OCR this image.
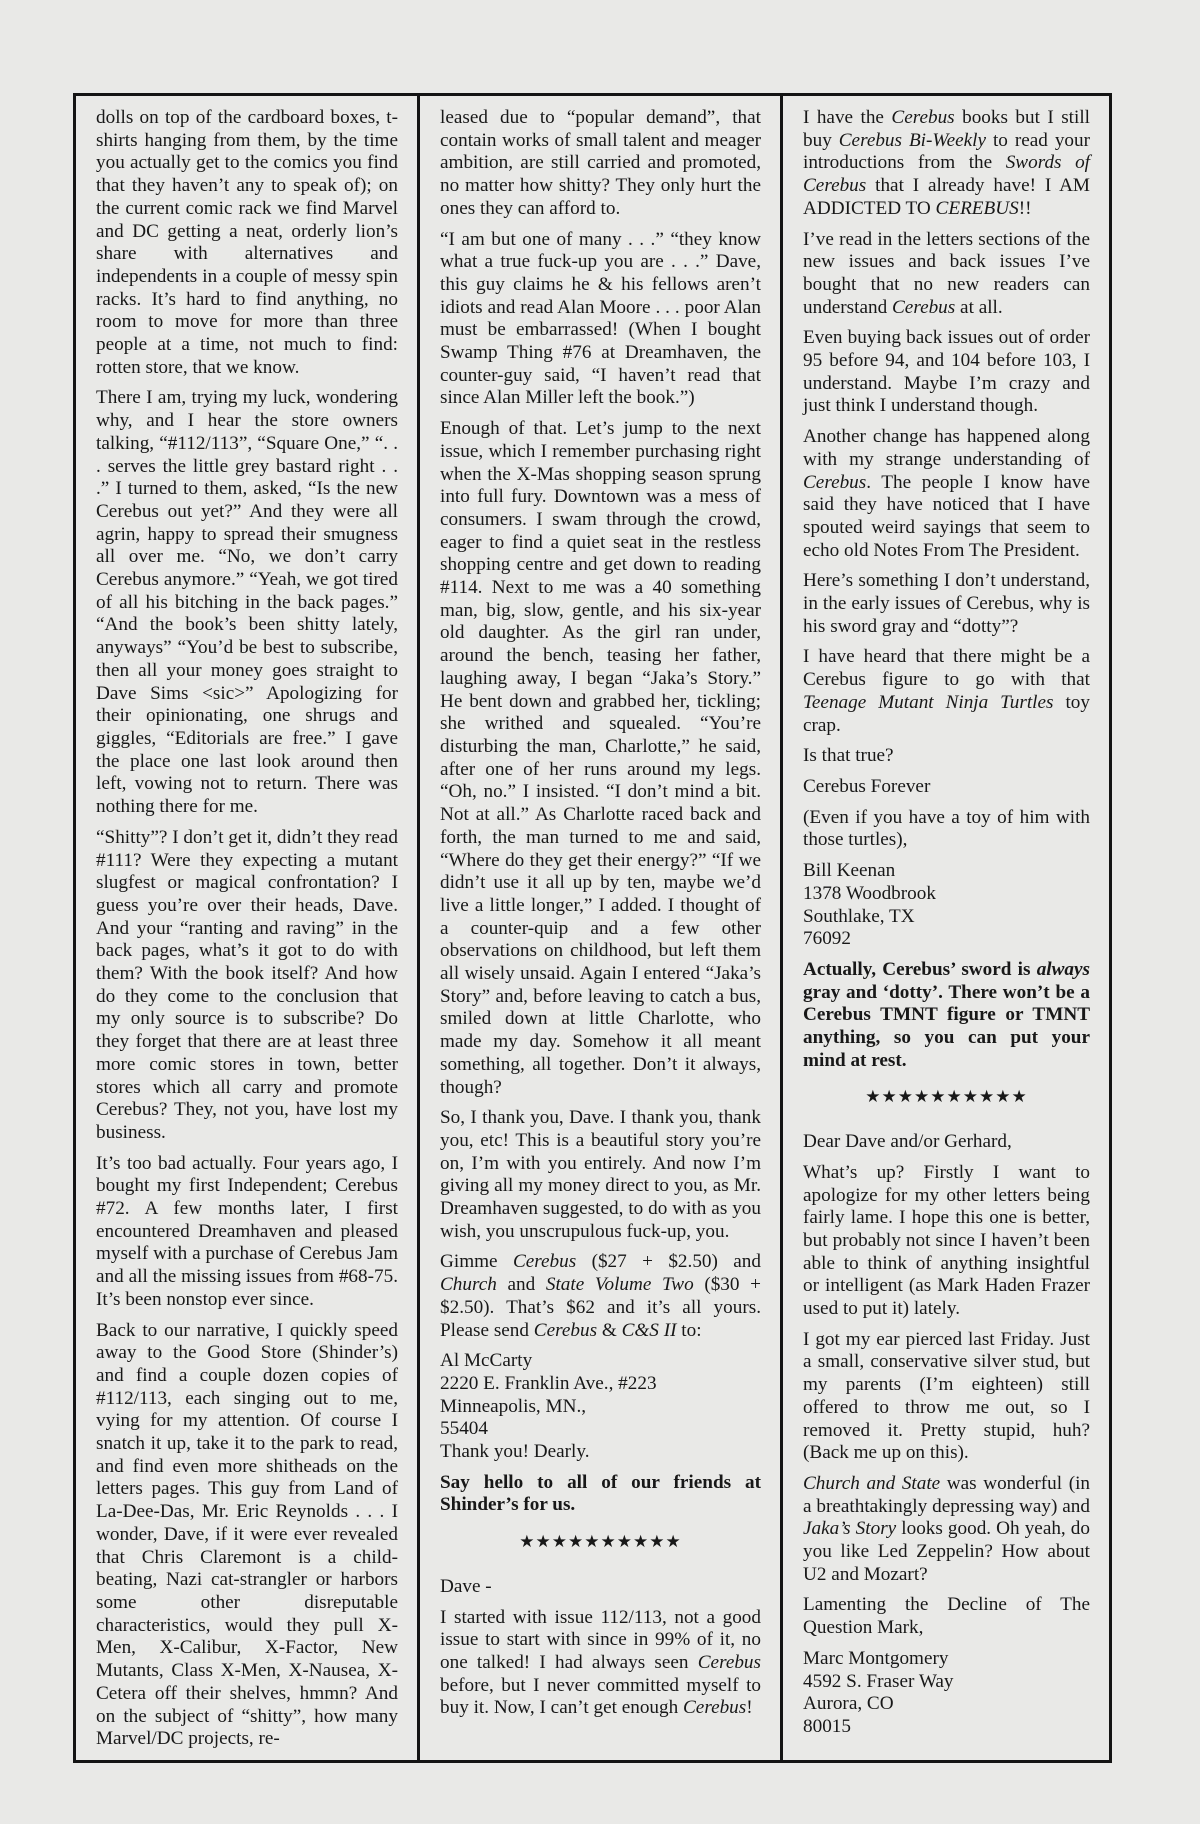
dolls on top of the cardboard boxes, t-shirts hanging from them, by the time you actually get to the comics you find that they haven’t any to speak of); on the current comic rack we find Marvel and DC getting a neat, orderly lion’s share with alternatives and independents in a couple of messy spin racks. It’s hard to find anything, no room to move for more than three people at a time, not much to find: rotten store, that we know.
There I am, trying my luck, wondering why, and I hear the store owners talking, “#112/113”, “Square One,” “. . . serves the little grey bastard right . . .” I turned to them, asked, “Is the new Cerebus out yet?” And they were all agrin, happy to spread their smugness all over me. “No, we don’t carry Cerebus anymore.” “Yeah, we got tired of all his bitching in the back pages.” “And the book’s been shitty lately, anyways” “You’d be best to subscribe, then all your money goes straight to Dave Sims <sic>” Apologizing for their opinionating, one shrugs and giggles, “Editorials are free.” I gave the place one last look around then left, vowing not to return. There was nothing there for me.
“Shitty”? I don’t get it, didn’t they read #111? Were they expecting a mutant slugfest or magical confrontation? I guess you’re over their heads, Dave. And your “ranting and raving” in the back pages, what’s it got to do with them? With the book itself? And how do they come to the conclusion that my only source is to subscribe? Do they forget that there are at least three more comic stores in town, better stores which all carry and promote Cerebus? They, not you, have lost my business.
It’s too bad actually. Four years ago, I bought my first Independent; Cerebus #72. A few months later, I first encountered Dreamhaven and pleased myself with a purchase of Cerebus Jam and all the missing issues from #68-75. It’s been nonstop ever since.
Back to our narrative, I quickly speed away to the Good Store (Shinder’s) and find a couple dozen copies of #112/113, each singing out to me, vying for my attention. Of course I snatch it up, take it to the park to read, and find even more shitheads on the letters pages. This guy from Land of La-Dee-Das, Mr. Eric Reynolds . . . I wonder, Dave, if it were ever revealed that Chris Claremont is a child-beating, Nazi cat-strangler or harbors some other disreputable characteristics, would they pull X-Men, X-Calibur, X-Factor, New Mutants, Class X-Men, X-Nausea, X-Cetera off their shelves, hmmn? And on the subject of “shitty”, how many Marvel/DC projects, re-
leased due to “popular demand”, that contain works of small talent and meager ambition, are still carried and promoted, no matter how shitty? They only hurt the ones they can afford to.
“I am but one of many . . .” “they know what a true fuck-up you are . . .” Dave, this guy claims he & his fellows aren’t idiots and read Alan Moore . . . poor Alan must be embarrassed! (When I bought Swamp Thing #76 at Dreamhaven, the counter-guy said, “I haven’t read that since Alan Miller left the book.”)
Enough of that. Let’s jump to the next issue, which I remember purchasing right when the X-Mas shopping season sprung into full fury. Downtown was a mess of consumers. I swam through the crowd, eager to find a quiet seat in the restless shopping centre and get down to reading #114. Next to me was a 40 something man, big, slow, gentle, and his six-year old daughter. As the girl ran under, around the bench, teasing her father, laughing away, I began “Jaka’s Story.” He bent down and grabbed her, tickling; she writhed and squealed. “You’re disturbing the man, Charlotte,” he said, after one of her runs around my legs. “Oh, no.” I insisted. “I don’t mind a bit. Not at all.” As Charlotte raced back and forth, the man turned to me and said, “Where do they get their energy?” “If we didn’t use it all up by ten, maybe we’d live a little longer,” I added. I thought of a counter-quip and a few other observations on childhood, but left them all wisely unsaid. Again I entered “Jaka’s Story” and, before leaving to catch a bus, smiled down at little Charlotte, who made my day. Somehow it all meant something, all together. Don’t it always, though?
So, I thank you, Dave. I thank you, thank you, etc! This is a beautiful story you’re on, I’m with you entirely. And now I’m giving all my money direct to you, as Mr. Dreamhaven suggested, to do with as you wish, you unscrupulous fuck-up, you.
Gimme Cerebus ($27 + $2.50) and Church and State Volume Two ($30 + $2.50). That’s $62 and it’s all yours. Please send Cerebus & C&S II to:
Al McCarty
2220 E. Franklin Ave., #223
Minneapolis, MN.,
55404
Thank you! Dearly.
Say hello to all of our friends at Shinder’s for us.
★★★★★★★★★★
Dave -
I started with issue 112/113, not a good issue to start with since in 99% of it, no one talked! I had always seen Cerebus before, but I never committed myself to buy it. Now, I can’t get enough Cerebus!
I have the Cerebus books but I still buy Cerebus Bi-Weekly to read your introductions from the Swords of Cerebus that I already have! I AM ADDICTED TO CEREBUS!!
I’ve read in the letters sections of the new issues and back issues I’ve bought that no new readers can understand Cerebus at all.
Even buying back issues out of order 95 before 94, and 104 before 103, I understand. Maybe I’m crazy and just think I understand though.
Another change has happened along with my strange understanding of Cerebus. The people I know have said they have noticed that I have spouted weird sayings that seem to echo old Notes From The President.
Here’s something I don’t understand, in the early issues of Cerebus, why is his sword gray and “dotty”?
I have heard that there might be a Cerebus figure to go with that Teenage Mutant Ninja Turtles toy crap.
Is that true?
Cerebus Forever
(Even if you have a toy of him with those turtles),
Bill Keenan
1378 Woodbrook
Southlake, TX
76092
Actually, Cerebus’ sword is always gray and ‘dotty’. There won’t be a Cerebus TMNT figure or TMNT anything, so you can put your mind at rest.
★★★★★★★★★★
Dear Dave and/or Gerhard,
What’s up? Firstly I want to apologize for my other letters being fairly lame. I hope this one is better, but probably not since I haven’t been able to think of anything insightful or intelligent (as Mark Haden Frazer used to put it) lately.
I got my ear pierced last Friday. Just a small, conservative silver stud, but my parents (I’m eighteen) still offered to throw me out, so I removed it. Pretty stupid, huh? (Back me up on this).
Church and State was wonderful (in a breathtakingly depressing way) and Jaka’s Story looks good. Oh yeah, do you like Led Zeppelin? How about U2 and Mozart?
Lamenting the Decline of The Question Mark,
Marc Montgomery
4592 S. Fraser Way
Aurora, CO
80015
